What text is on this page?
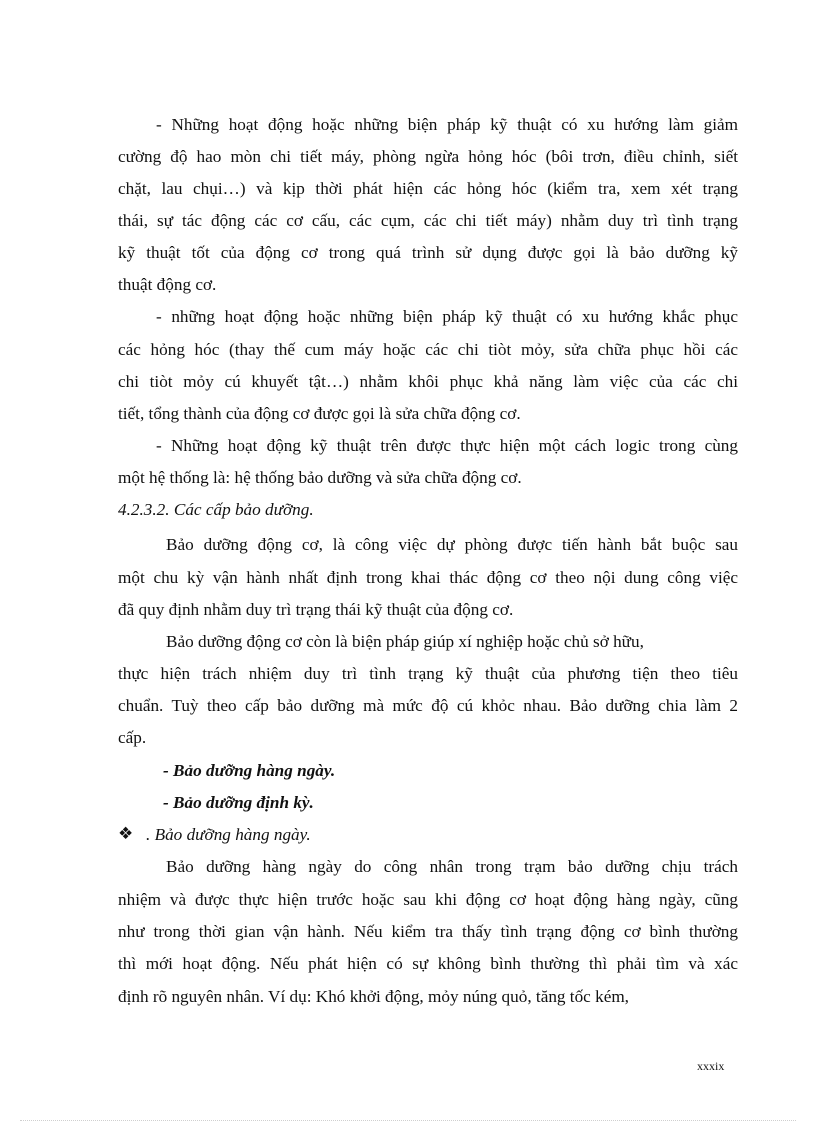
- Những hoạt động hoặc những biện pháp kỹ thuật có xu hướng làm giảm
cường độ hao mòn chi tiết máy, phòng ngừa hỏng hóc (bôi trơn, điều chỉnh, siết
chặt, lau chụi…) và kịp thời phát hiện các hỏng hóc (kiểm tra, xem xét trạng
thái, sự tác động các cơ cấu, các cụm, các chi tiết máy) nhằm duy trì tình trạng
kỹ thuật tốt của động cơ trong quá trình sử dụng được gọi là bảo dưỡng kỹ
thuật động cơ.
- những hoạt động hoặc những biện pháp kỹ thuật có xu hướng khắc phục
các hỏng hóc (thay thế cum máy hoặc các chi tiòt mỏy, sửa chữa phục hồi các
chi tiòt mỏy cú khuyết tật…) nhằm khôi phục khả năng làm việc của các chi
tiết, tổng thành của động cơ được gọi là sửa chữa động cơ.
- Những hoạt động kỹ thuật trên được thực hiện một cách logic trong cùng
một hệ thống là: hệ thống bảo dưỡng và sửa chữa động cơ.
4.2.3.2. Các cấp bảo dưỡng.
Bảo dưỡng động cơ, là công việc dự phòng được tiến hành bắt buộc sau
một chu kỳ vận hành nhất định trong khai thác động cơ theo nội dung công việc
đã quy định nhằm duy trì trạng thái kỹ thuật của động cơ.
Bảo dưỡng động cơ còn là biện pháp giúp xí nghiệp hoặc chủ sở hữu,
thực hiện trách nhiệm duy trì tình trạng kỹ thuật của phương tiện theo tiêu
chuẩn. Tuỳ theo cấp bảo dưỡng mà mức độ cú khỏc nhau. Bảo dưỡng chia làm 2
cấp.
- Bảo dưỡng hàng ngày.
- Bảo dưỡng định kỳ.
❖ . Bảo dưỡng hàng ngày.
Bảo dưỡng hàng ngày do công nhân trong trạm bảo dưỡng chịu trách
nhiệm và được thực hiện trước hoặc sau khi động cơ hoạt động hàng ngày, cũng
như trong thời gian vận hành. Nếu kiểm tra thấy tình trạng động cơ bình thường
thì mới hoạt động. Nếu phát hiện có sự không bình thường thì phải tìm và xác
định rõ nguyên nhân. Ví dụ: Khó khởi động, mỏy núng quỏ, tăng tốc kém,
xxxix
